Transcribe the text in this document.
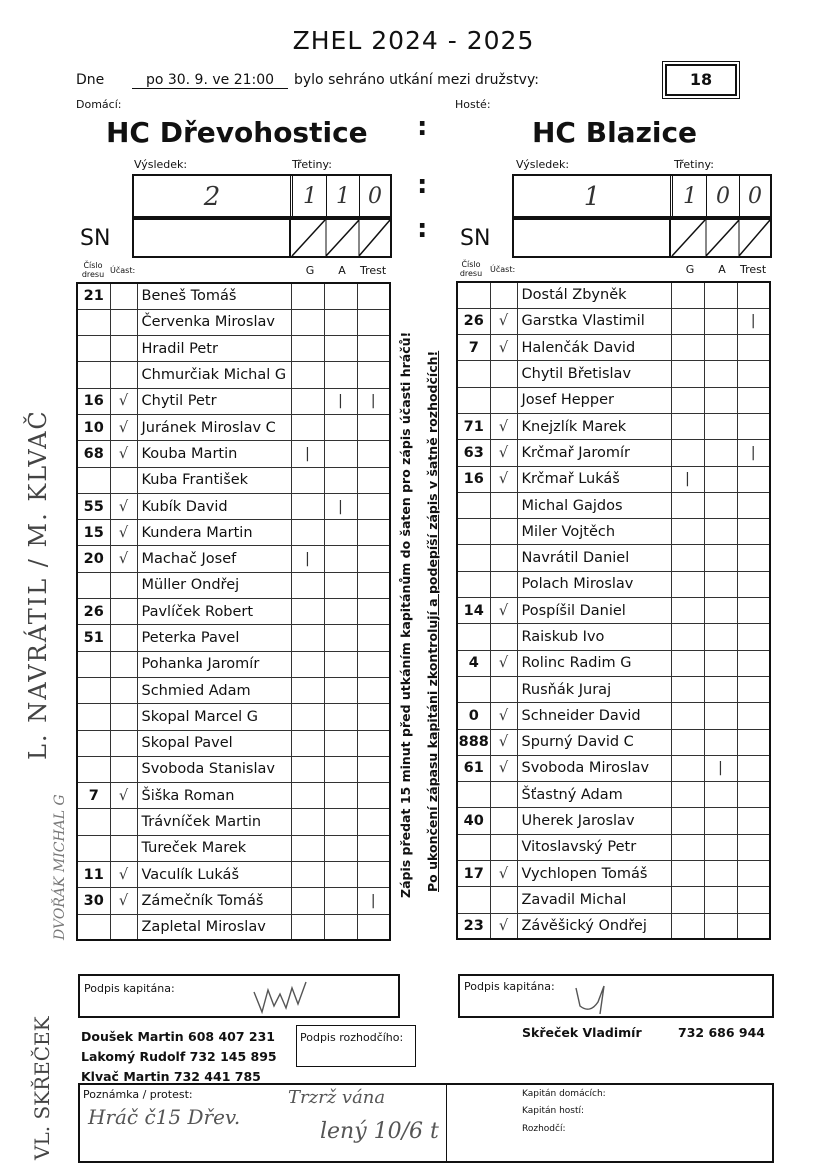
ZHEL 2024 - 2025
Dne	po 30. 9. ve 21:00	bylo sehráno utkání mezi družstvy:	18
Domácí:	Hosté:
HC Dřevohostice	HC Blazice
:
Výsledek:	Třetiny:
2	1 1 0	:
Výsledek:	Třetiny:
1	1 0 0
SN	: SN
Číslo dresu Účast:	G	A	Trest	Číslo dresu Účast:	G	A	Trest
21		Beneš Tomáš			
		Červenka Miroslav			
		Hradil Petr			
		Chmurčiak Michal G			
16	√	Chytil Petr		|	|
10	√	Juránek Miroslav C			
68	√	Kouba Martin	|		
		Kuba František			
55	√	Kubík David		|	
15	√	Kundera Martin			
20	√	Machač Josef	|		
		Müller Ondřej			
26		Pavlíček Robert			
51		Peterka Pavel			
		Pohanka Jaromír			
		Schmied Adam			
		Skopal Marcel G			
		Skopal Pavel			
		Svoboda Stanislav			
7	√	Šiška Roman			
		Trávníček Martin			
		Tureček Marek			
11	√	Vaculík Lukáš			
30	√	Zámečník Tomáš			|
		Zapletal Miroslav			
		Dostál Zbyněk			
26	√	Garstka Vlastimil			|
7	√	Halenčák David			
		Chytil Břetislav			
		Josef Hepper			
71	√	Knejzlík Marek			
63	√	Krčmař Jaromír			|
16	√	Krčmař Lukáš	|		
		Michal Gajdos			
		Miler Vojtěch			
		Navrátil Daniel			
		Polach Miroslav			
14	√	Pospíšil Daniel			
		Raiskub Ivo			
4	√	Rolinc Radim G			
		Rusňák Juraj			
0	√	Schneider David			
888	√	Spurný David C			
61	√	Svoboda Miroslav		|	
		Šťastný Adam			
40		Uherek Jaroslav			
		Vitoslavský Petr			
17	√	Vychlopen Tomáš			
		Zavadil Michal			
23	√	Závěšický Ondřej			
Zápis předat 15 minut před utkáním kapitánům do šaten pro zápis účasti hráčů! Po ukončení zápasu kapitáni zkontrolují a podepíší zápis v šatně rozhodčích!
L. NAVRÁTIL / M. KLVAČ
DVOŘÁK MICHAL G
VL. SKŘEČEK
Podpis kapitána:	Podpis kapitána:
Doušek Martin 608 407 231
Lakomý Rudolf 732 145 895
Klvač Martin 732 441 785
Podpis rozhodčího:	Skřeček Vladimír	732 686 944
Poznámka / protest:
Hráč č15 Dřev.
Trzrž vána
lený 10/6 t
Kapitán domácích:
Kapitán hostí:
Rozhodčí:
